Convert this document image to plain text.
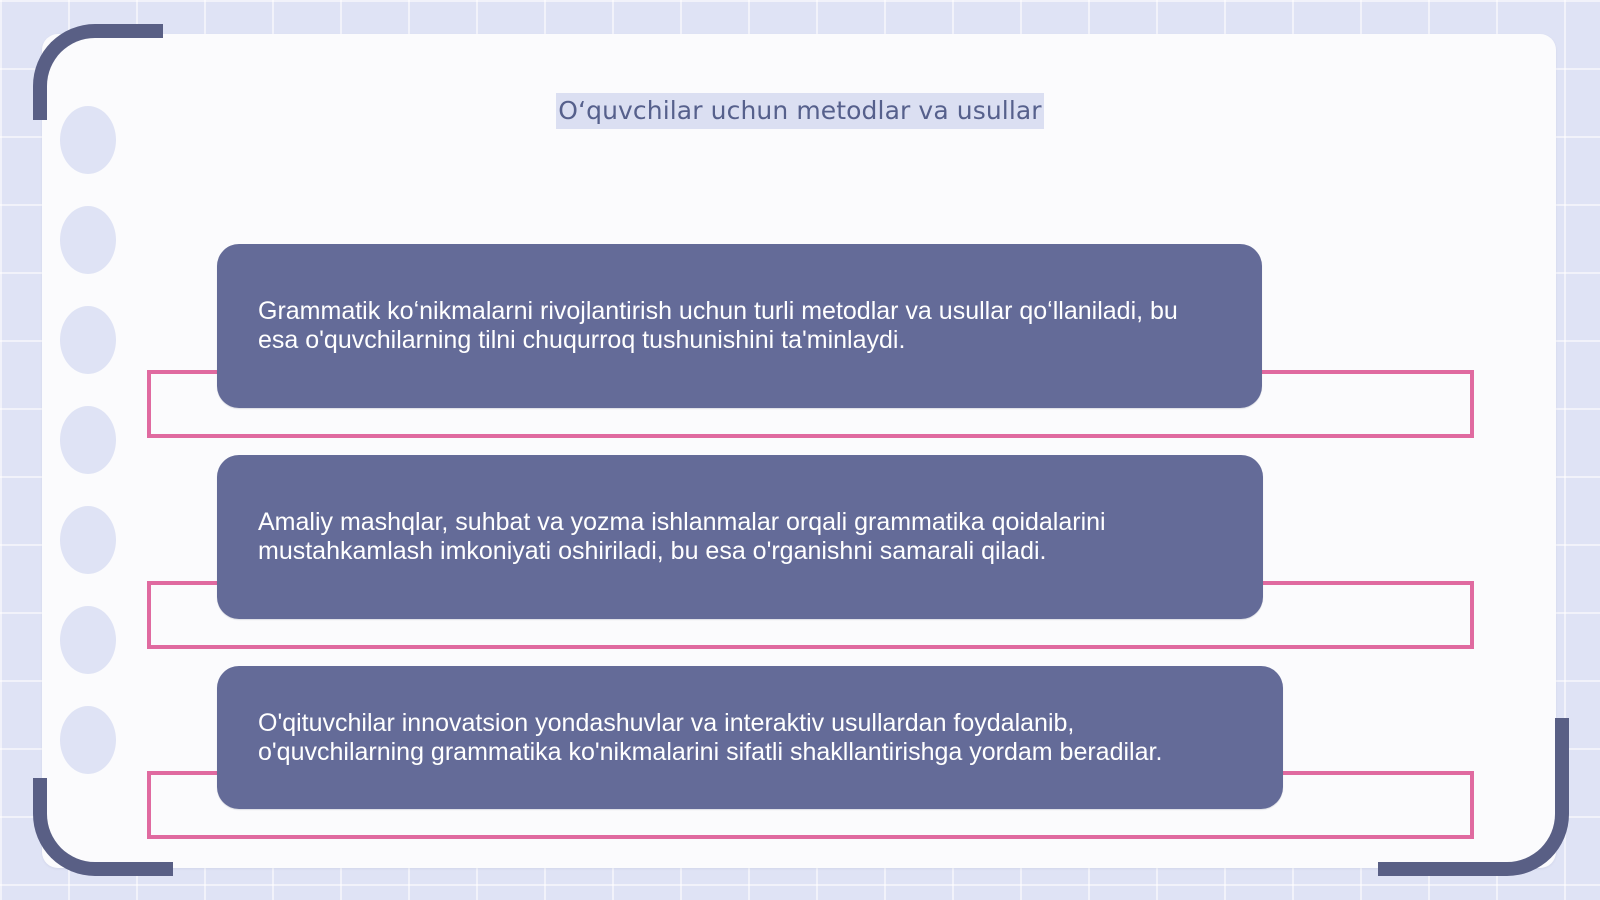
Oʻquvchilar uchun metodlar va usullar
Grammatik koʻnikmalarni rivojlantirish uchun turli metodlar va usullar qoʻllaniladi, bu esa o'quvchilarning tilni chuqurroq tushunishini ta'minlaydi.
Amaliy mashqlar, suhbat va yozma ishlanmalar orqali grammatika qoidalarini mustahkamlash imkoniyati oshiriladi, bu esa o'rganishni samarali qiladi.
O'qituvchilar innovatsion yondashuvlar va interaktiv usullardan foydalanib, o'quvchilarning grammatika ko'nikmalarini sifatli shakllantirishga yordam beradilar.
